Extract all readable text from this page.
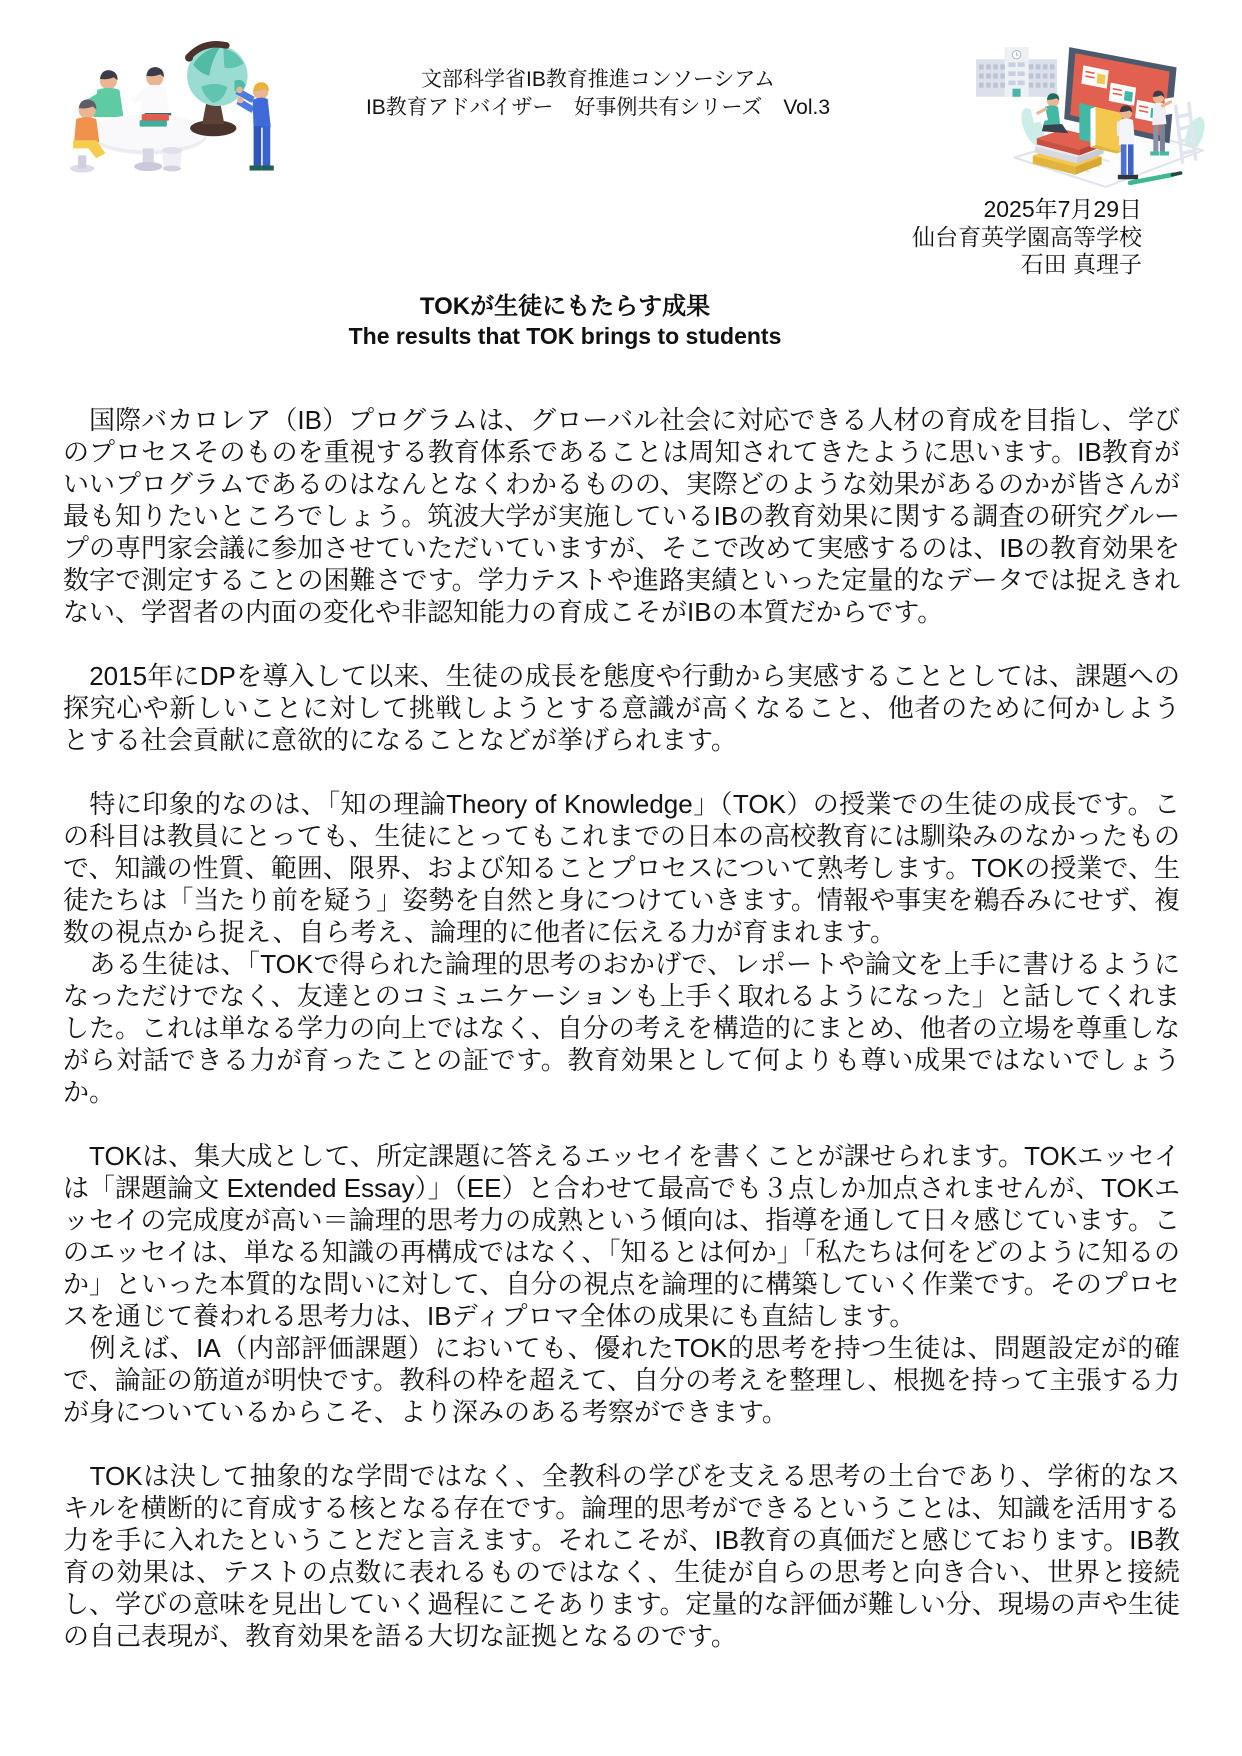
文部科学省IB教育推進コンソーシアム
IB教育アドバイザー　好事例共有シリーズ　Vol.3
2025年7月29日
仙台育英学園高等学校
石田 真理子
TOKが生徒にもたらす成果
The results that TOK brings to students

　国際バカロレア（IB）プログラムは、グローバル社会に対応できる人材の育成を目指し、学びのプロセスそのものを重視する教育体系であることは周知されてきたように思います。IB教育がいいプログラムであるのはなんとなくわかるものの、実際どのような効果があるのかが皆さんが最も知りたいところでしょう。筑波大学が実施しているIBの教育効果に関する調査の研究グループの専門家会議に参加させていただいていますが、そこで改めて実感するのは、IBの教育効果を数字で測定することの困難さです。学力テストや進路実績といった定量的なデータでは捉えきれない、学習者の内面の変化や非認知能力の育成こそがIBの本質だからです。

　2015年にDPを導入して以来、生徒の成長を態度や行動から実感することとしては、課題への探究心や新しいことに対して挑戦しようとする意識が高くなること、他者のために何かしようとする社会貢献に意欲的になることなどが挙げられます。

　特に印象的なのは、「知の理論Theory of Knowledge」（TOK）の授業での生徒の成長です。この科目は教員にとっても、生徒にとってもこれまでの日本の高校教育には馴染みのなかったもので、知識の性質、範囲、限界、および知ることプロセスについて熟考します。TOKの授業で、生徒たちは「当たり前を疑う」姿勢を自然と身につけていきます。情報や事実を鵜呑みにせず、複数の視点から捉え、自ら考え、論理的に他者に伝える力が育まれます。

　ある生徒は、「TOKで得られた論理的思考のおかげで、レポートや論文を上手に書けるようになっただけでなく、友達とのコミュニケーションも上手く取れるようになった」と話してくれました。これは単なる学力の向上ではなく、自分の考えを構造的にまとめ、他者の立場を尊重しながら対話できる力が育ったことの証です。教育効果として何よりも尊い成果ではないでしょうか。

　TOKは、集大成として、所定課題に答えるエッセイを書くことが課せられます。TOKエッセイは「課題論文 Extended Essay）」（EE）と合わせて最高でも３点しか加点されませんが、TOKエッセイの完成度が高い＝論理的思考力の成熟という傾向は、指導を通して日々感じています。このエッセイは、単なる知識の再構成ではなく、「知るとは何か」「私たちは何をどのように知るのか」といった本質的な問いに対して、自分の視点を論理的に構築していく作業です。そのプロセスを通じて養われる思考力は、IBディプロマ全体の成果にも直結します。

　例えば、IA（内部評価課題）においても、優れたTOK的思考を持つ生徒は、問題設定が的確で、論証の筋道が明快です。教科の枠を超えて、自分の考えを整理し、根拠を持って主張する力が身についているからこそ、より深みのある考察ができます。

　TOKは決して抽象的な学問ではなく、全教科の学びを支える思考の土台であり、学術的なスキルを横断的に育成する核となる存在です。論理的思考ができるということは、知識を活用する力を手に入れたということだと言えます。それこそが、IB教育の真価だと感じております。IB教育の効果は、テストの点数に表れるものではなく、生徒が自らの思考と向き合い、世界と接続し、学びの意味を見出していく過程にこそあります。定量的な評価が難しい分、現場の声や生徒の自己表現が、教育効果を語る大切な証拠となるのです。
